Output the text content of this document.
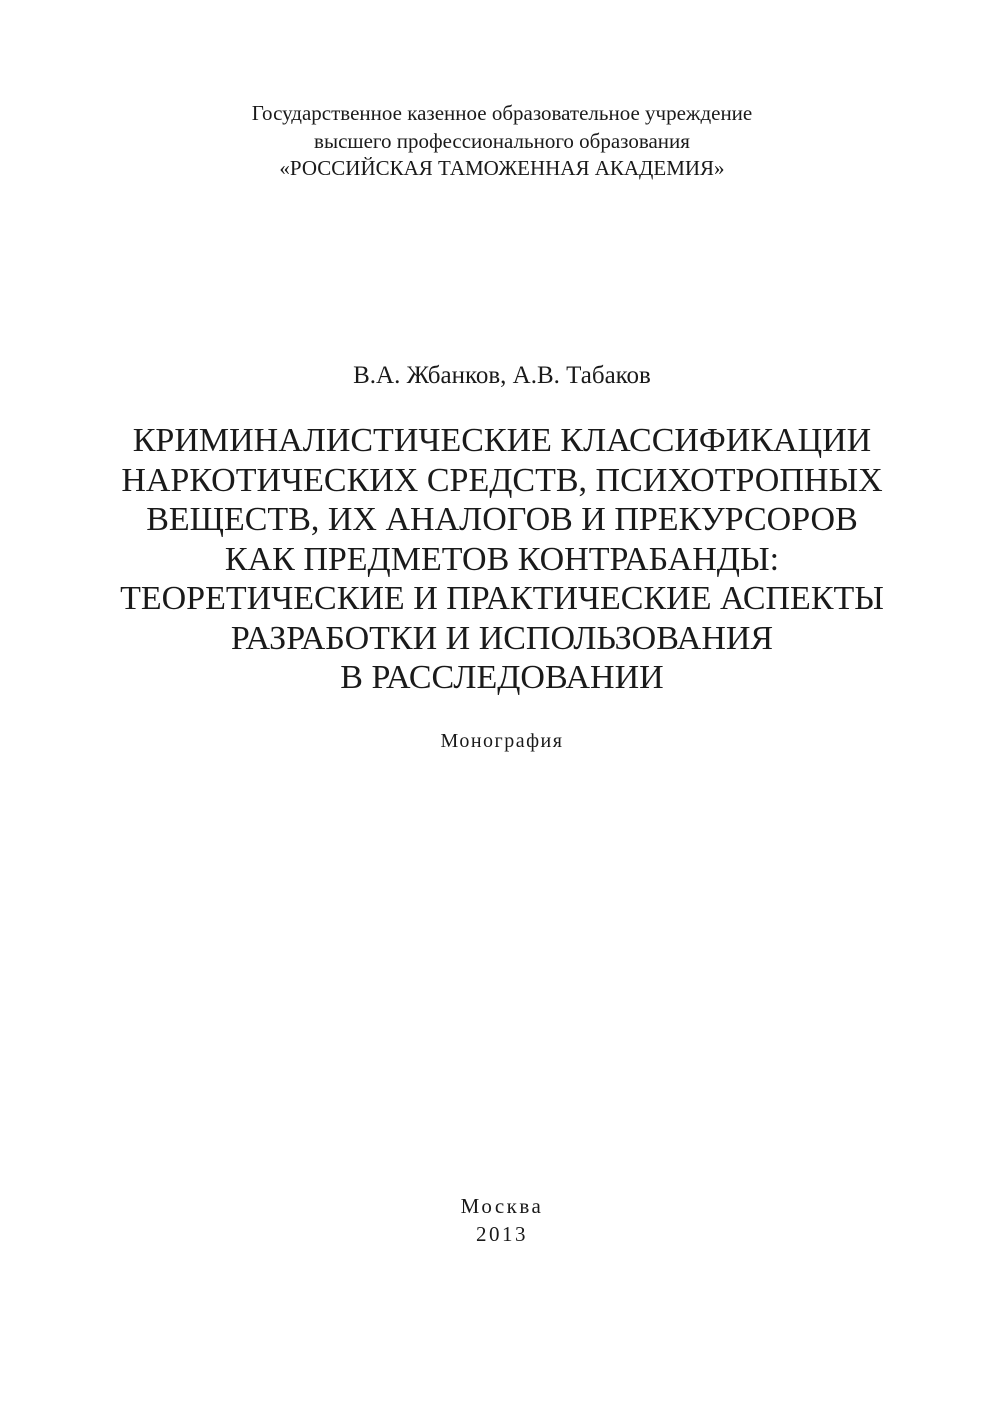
Государственное казенное образовательное учреждение
высшего профессионального образования
«РОССИЙСКАЯ ТАМОЖЕННАЯ АКАДЕМИЯ»
В.А. Жбанков, А.В. Табаков
КРИМИНАЛИСТИЧЕСКИЕ КЛАССИФИКАЦИИ
НАРКОТИЧЕСКИХ СРЕДСТВ, ПСИХОТРОПНЫХ
ВЕЩЕСТВ, ИХ АНАЛОГОВ И ПРЕКУРСОРОВ
КАК ПРЕДМЕТОВ КОНТРАБАНДЫ:
ТЕОРЕТИЧЕСКИЕ И ПРАКТИЧЕСКИЕ АСПЕКТЫ
РАЗРАБОТКИ И ИСПОЛЬЗОВАНИЯ
В РАССЛЕДОВАНИИ
Монография
Москва
2013
